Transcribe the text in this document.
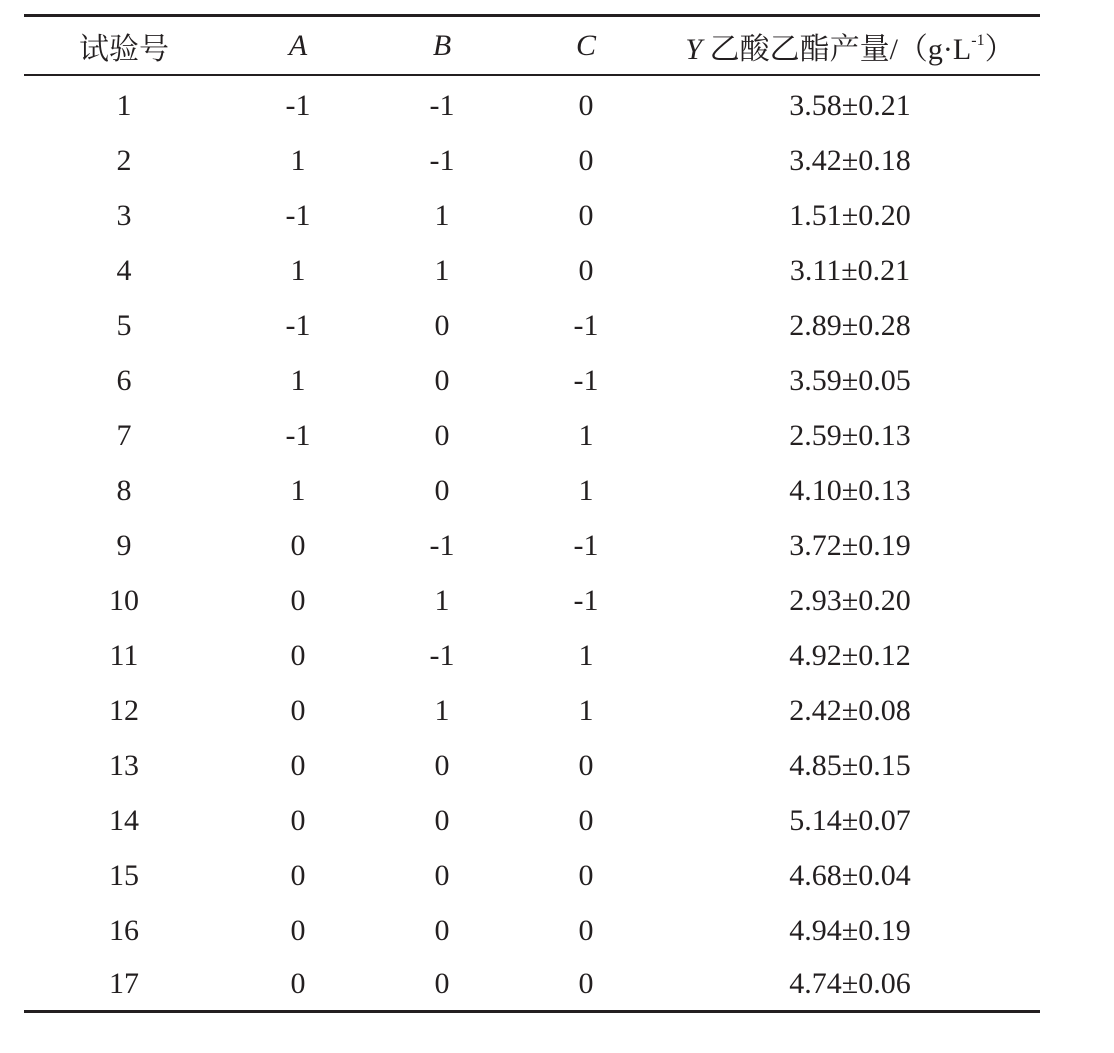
试验号	A	B	C	Y 乙酸乙酯产量$/(g\cdot L^{-1})$
1	-1	-1	0	3.58±0.21
2	1	-1	0	3.42±0.18
3	-1	1	0	1.51±0.20
4	1	1	0	3.11±0.21
5	-1	0	-1	2.89±0.28
6	1	0	-1	3.59±0.05
7	-1	0	1	2.59±0.13
8	1	0	1	4.10±0.13
9	0	-1	-1	3.72±0.19
10	0	1	-1	2.93±0.20
11	0	-1	1	4.92±0.12
12	0	1	1	2.42±0.08
13	0	0	0	4.85±0.15
14	0	0	0	5.14±0.07
15	0	0	0	4.68±0.04
16	0	0	0	4.94±0.19
17	0	0	0	4.74±0.06
